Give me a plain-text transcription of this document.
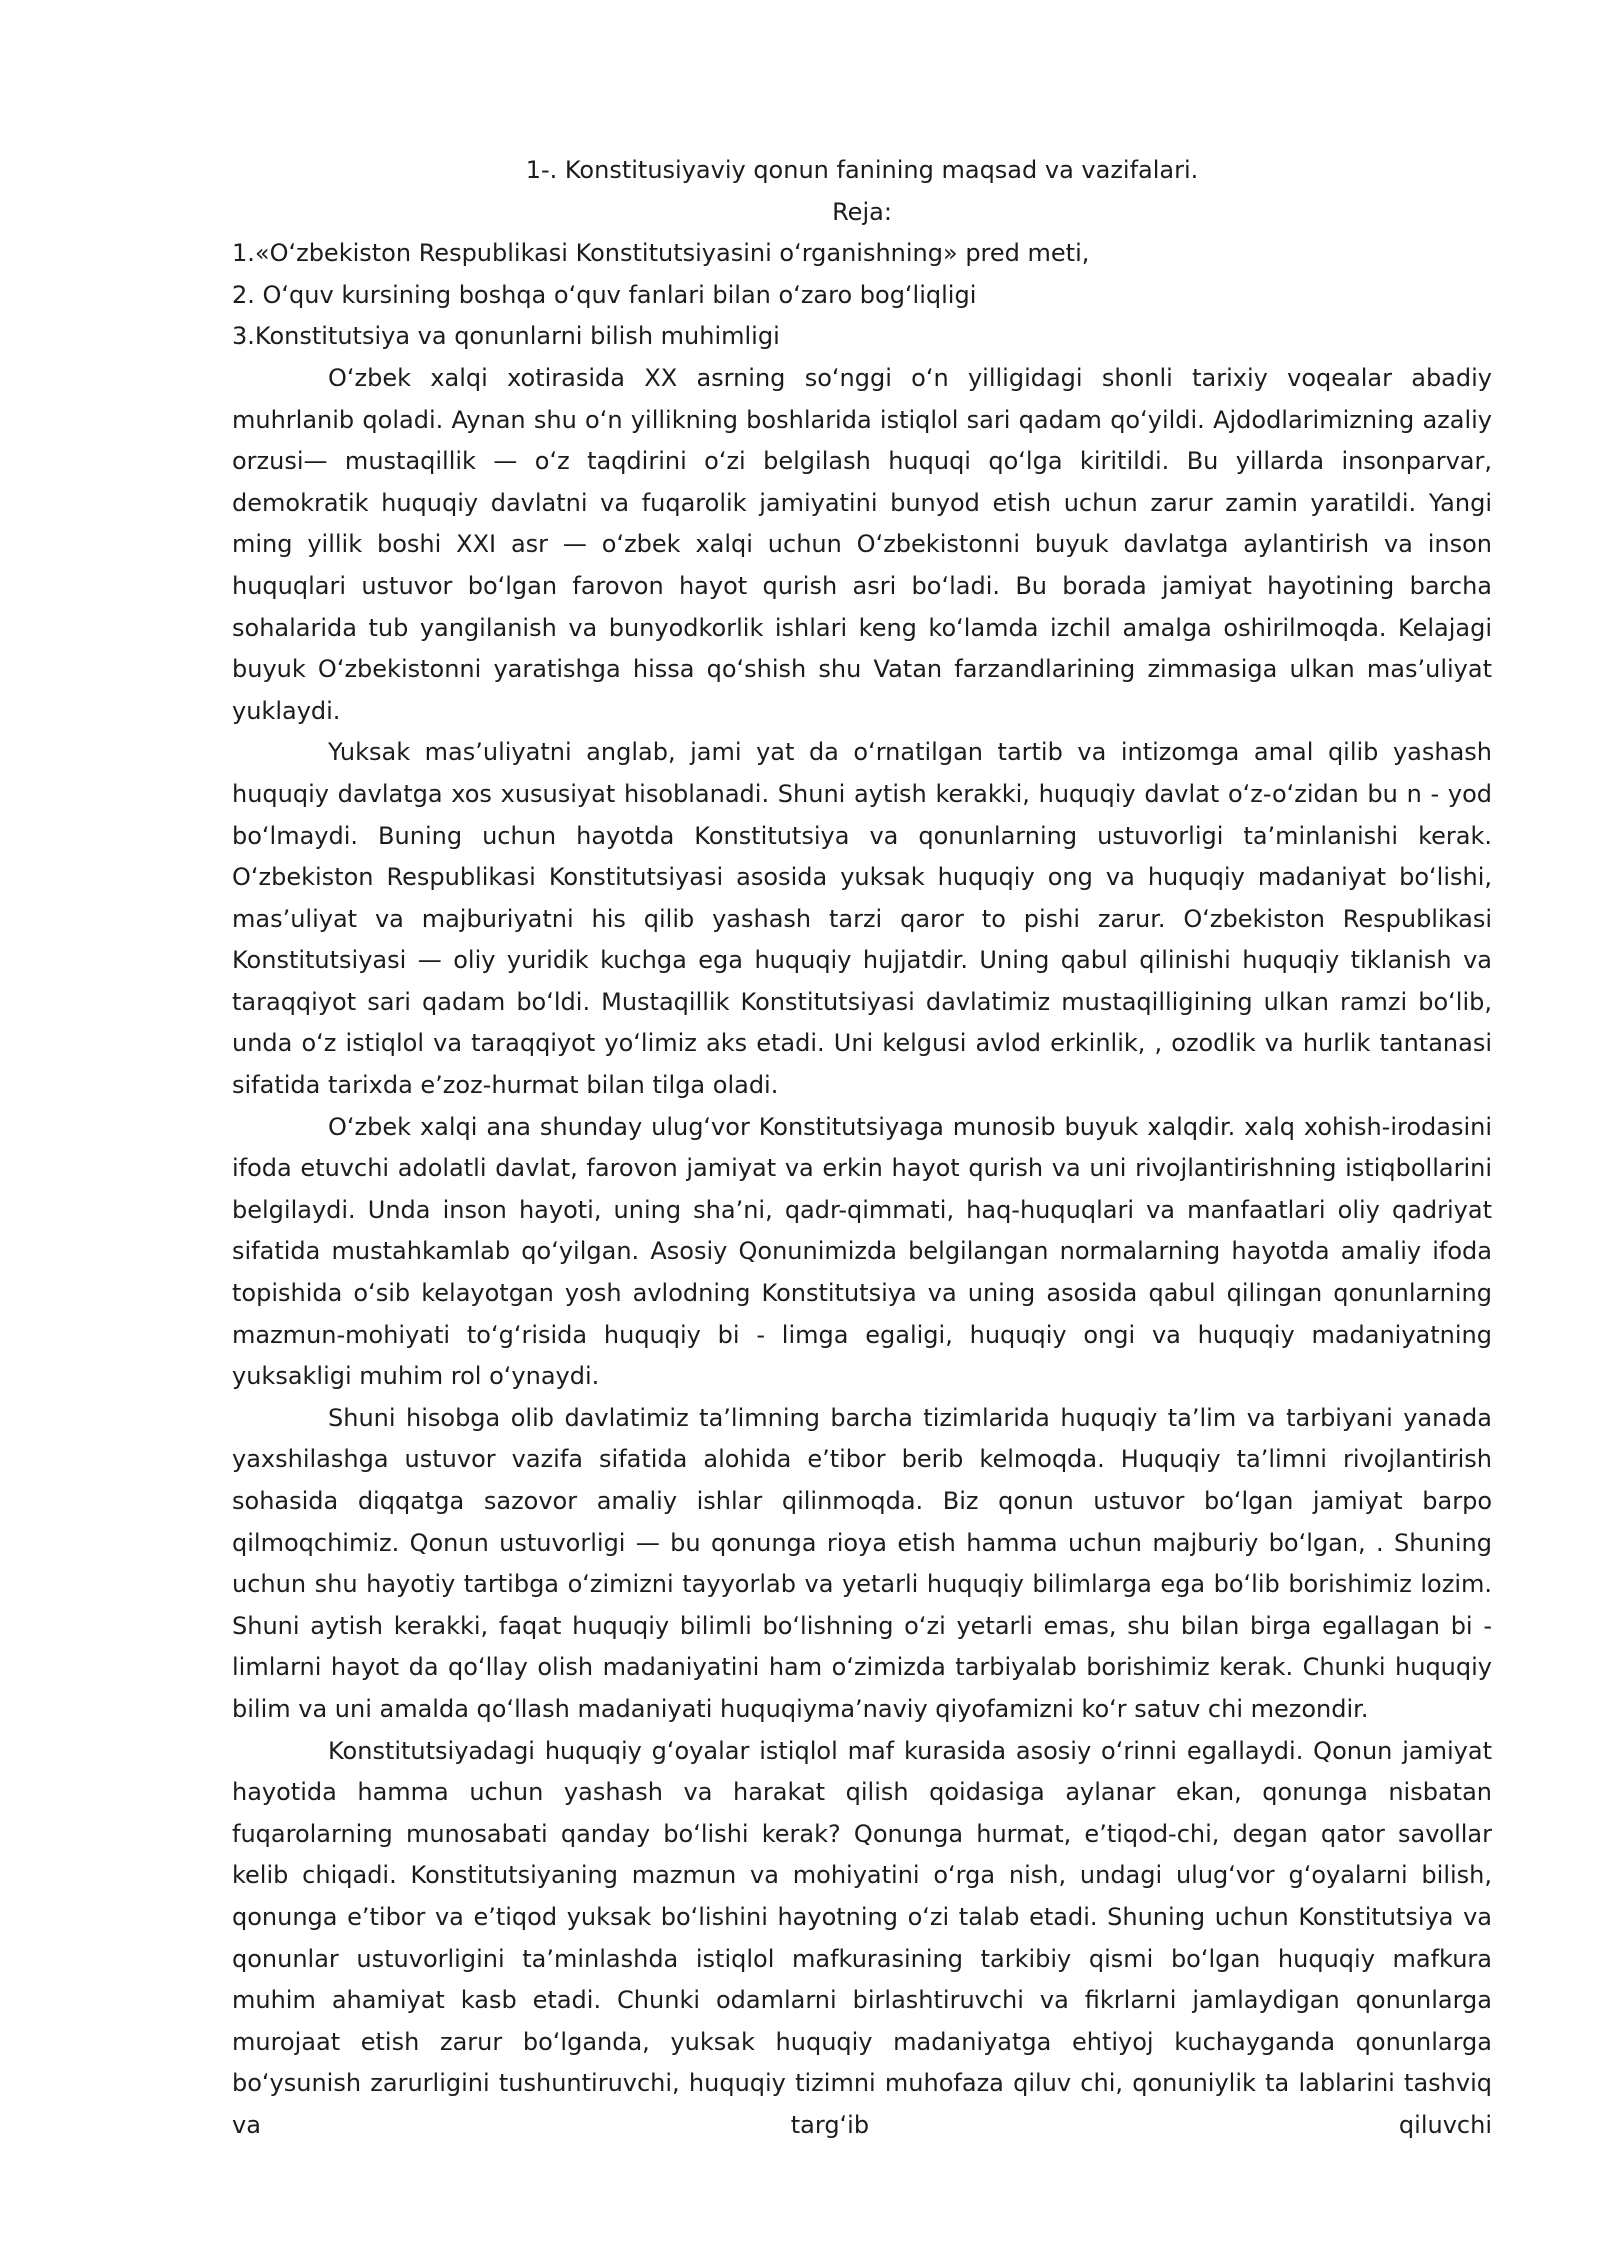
1-. Konstitusiyaviy qonun fanining maqsad va vazifalari.

Reja:

1.«Oʻzbekiston Respublikasi Konstitutsiyasini oʻrganishning» pred meti,

2. Oʻquv kursining boshqa oʻquv fanlari bilan oʻzaro bogʻliqligi

3.Konstitutsiya va qonunlarni bilish muhimligi

Oʻzbek xalqi xotirasida XX asrning soʻnggi oʻn yilligidagi shonli tarixiy voqealar abadiy muhrlanib qoladi. Aynan shu oʻn yillikning boshlarida istiqlol sari qadam qoʻyildi. Ajdodlarimizning azaliy orzusi— mustaqillik — oʻz taqdirini oʻzi belgilash huquqi qoʻlga kiritildi. Bu yillarda insonparvar, demokratik huquqiy davlatni va fuqarolik jamiyatini bunyod etish uchun zarur zamin yaratildi. Yangi ming yillik boshi XXI asr — oʻzbek xalqi uchun Oʻzbekistonni buyuk davlatga aylantirish va inson huquqlari ustuvor boʻlgan farovon hayot qurish asri boʻladi. Bu borada jamiyat hayotining barcha sohalarida tub yangilanish va bunyodkorlik ishlari keng koʻlamda izchil amalga oshirilmoqda. Kelajagi buyuk Oʻzbekistonni yaratishga hissa qoʻshish shu Vatan farzandlarining zimmasiga ulkan masʼuliyat yuklaydi.

Yuksak masʼuliyatni anglab, jami yat da oʻrnatilgan tartib va intizomga amal qilib yashash huquqiy davlatga xos xususiyat hisoblanadi. Shuni aytish kerakki, huquqiy davlat oʻz-oʻzidan bu n - yod boʻlmaydi. Buning uchun hayotda Konstitutsiya va qonunlarning ustuvorligi taʼminlanishi kerak. Oʻzbekiston Respublikasi Konstitutsiyasi asosida yuksak huquqiy ong va huquqiy madaniyat boʻlishi, masʼuliyat va majburiyatni his qilib yashash tarzi qaror to pishi zarur. Oʻzbekiston Respublikasi Konstitutsiyasi — oliy yuridik kuchga ega huquqiy hujjatdir. Uning qabul qilinishi huquqiy tiklanish va taraqqiyot sari qadam boʻldi. Mustaqillik Konstitutsiyasi davlatimiz mustaqilligining ulkan ramzi boʻlib, unda oʻz istiqlol va taraqqiyot yoʻlimiz aks etadi. Uni kelgusi avlod erkinlik, , ozodlik va hurlik tantanasi sifatida tarixda eʼzoz-hurmat bilan tilga oladi.

Oʻzbek xalqi ana shunday ulugʻvor Konstitutsiyaga munosib buyuk xalqdir. xalq xohish-irodasini ifoda etuvchi adolatli davlat, farovon jamiyat va erkin hayot qurish va uni rivojlantirishning istiqbollarini belgilaydi. Unda inson hayoti, uning shaʼni, qadr-qimmati, haq-huquqlari va manfaatlari oliy qadriyat sifatida mustahkamlab qoʻyilgan. Asosiy Qonunimizda belgilangan normalarning hayotda amaliy ifoda topishida oʻsib kelayotgan yosh avlodning Konstitutsiya va uning asosida qabul qilingan qonunlarning mazmun-mohiyati toʻgʻrisida huquqiy bi - limga egaligi, huquqiy ongi va huquqiy madaniyatning yuksakligi muhim rol oʻynaydi.

Shuni hisobga olib davlatimiz taʼlimning barcha tizimlarida huquqiy taʼlim va tarbiyani yanada yaxshilashga ustuvor vazifa sifatida alohida eʼtibor berib kelmoqda. Huquqiy taʼlimni rivojlantirish sohasida diqqatga sazovor amaliy ishlar qilinmoqda. Biz qonun ustuvor boʻlgan jamiyat barpo qilmoqchimiz. Qonun ustuvorligi — bu qonunga rioya etish hamma uchun majburiy boʻlgan, . Shuning uchun shu hayotiy tartibga oʻzimizni tayyorlab va yetarli huquqiy bilimlarga ega boʻlib borishimiz lozim. Shuni aytish kerakki, faqat huquqiy bilimli boʻlishning oʻzi yetarli emas, shu bilan birga egallagan bi - limlarni hayot da qoʻllay olish madaniyatini ham oʻzimizda tarbiyalab borishimiz kerak. Chunki huquqiy bilim va uni amalda qoʻllash madaniyati huquqiymaʼnaviy qiyofamizni koʻr satuv chi mezondir.

Konstitutsiyadagi huquqiy gʻoyalar istiqlol maf kurasida asosiy oʻrinni egallaydi. Qonun jamiyat hayotida hamma uchun yashash va harakat qilish qoidasiga aylanar ekan, qonunga nisbatan fuqarolarning munosabati qanday boʻlishi kerak? Qonunga hurmat, eʼtiqod-chi, degan qator savollar kelib chiqadi. Konstitutsiyaning mazmun va mohiyatini oʻrga nish, undagi ulugʻvor gʻoyalarni bilish, qonunga eʼtibor va eʼtiqod yuksak boʻlishini hayotning oʻzi talab etadi. Shuning uchun Konstitutsiya va qonunlar ustuvorligini taʼminlashda istiqlol mafkurasining tarkibiy qismi boʻlgan huquqiy mafkura muhim ahamiyat kasb etadi. Chunki odamlarni birlashtiruvchi va fikrlarni jamlaydigan qonunlarga murojaat etish zarur boʻlganda, yuksak huquqiy madaniyatga ehtiyoj kuchayganda qonunlarga boʻysunish zarurligini tushuntiruvchi, huquqiy tizimni muhofaza qiluv chi, qonuniylik ta lablarini tashviq va targʻib qiluvchi
